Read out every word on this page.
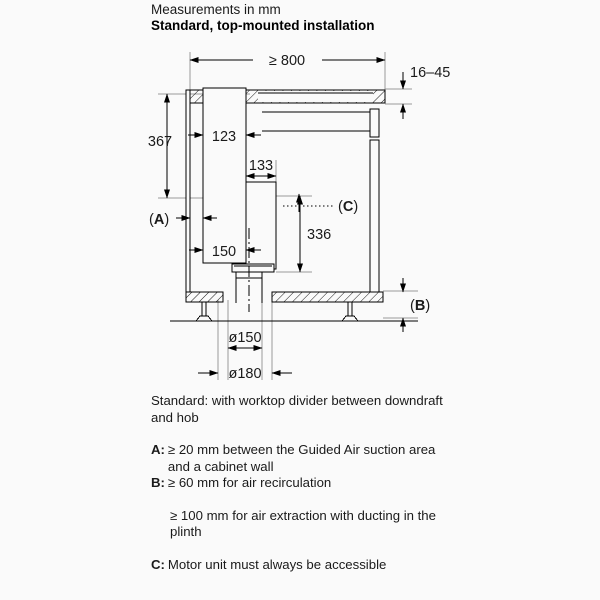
Measurements in mm
Standard, top-mounted installation
≥ 800
16–45
367	123
133
336
150
ø150
ø180
(A)
(B)
(C)
Standard: with worktop divider between downdraft and hob
A: ≥ 20 mm between the Guided Air suction area and a cabinet wall
B: ≥ 60 mm for air recirculation
≥ 100 mm for air extraction with ducting in the plinth
C: Motor unit must always be accessible
